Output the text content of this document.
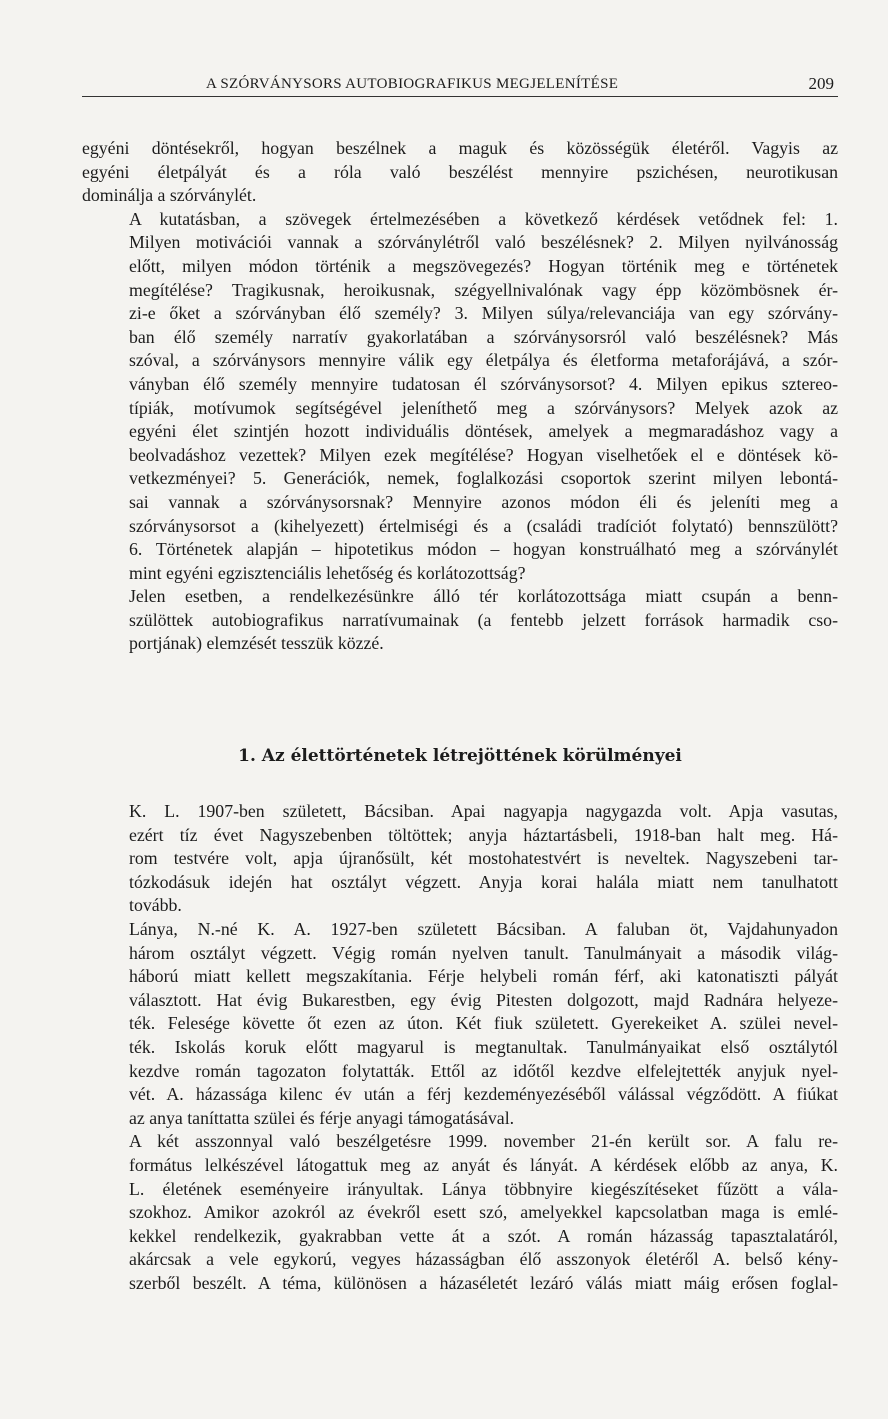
A SZÓRVÁNYSORS AUTOBIOGRAFIKUS MEGJELENÍTÉSE	209
egyéni döntésekről, hogyan beszélnek a maguk és közösségük életéről. Vagyis az
egyéni életpályát és a róla való beszélést mennyire pszichésen, neurotikusan
dominálja a szórványlét.
A kutatásban, a szövegek értelmezésében a következő kérdések vetődnek fel: 1.
Milyen motivációi vannak a szórványlétről való beszélésnek? 2. Milyen nyilvánosság
előtt, milyen módon történik a megszövegezés? Hogyan történik meg e történetek
megítélése? Tragikusnak, heroikusnak, szégyellnivalónak vagy épp közömbösnek ér-
zi-e őket a szórványban élő személy? 3. Milyen súlya/relevanciája van egy szórvány-
ban élő személy narratív gyakorlatában a szórványsorsról való beszélésnek? Más
szóval, a szórványsors mennyire válik egy életpálya és életforma metaforájává, a szór-
ványban élő személy mennyire tudatosan él szórványsorsot? 4. Milyen epikus sztereo-
típiák, motívumok segítségével jeleníthető meg a szórványsors? Melyek azok az
egyéni élet szintjén hozott individuális döntések, amelyek a megmaradáshoz vagy a
beolvadáshoz vezettek? Milyen ezek megítélése? Hogyan viselhetőek el e döntések kö-
vetkezményei? 5. Generációk, nemek, foglalkozási csoportok szerint milyen lebontá-
sai vannak a szórványsorsnak? Mennyire azonos módon éli és jeleníti meg a
szórványsorsot a (kihelyezett) értelmiségi és a (családi tradíciót folytató) bennszülött?
6. Történetek alapján – hipotetikus módon – hogyan konstruálható meg a szórványlét
mint egyéni egzisztenciális lehetőség és korlátozottság?
Jelen esetben, a rendelkezésünkre álló tér korlátozottsága miatt csupán a benn-
szülöttek autobiografikus narratívumainak (a fentebb jelzett források harmadik cso-
portjának) elemzését tesszük közzé.
1. Az élettörténetek létrejöttének körülményei
K. L. 1907-ben született, Bácsiban. Apai nagyapja nagygazda volt. Apja vasutas,
ezért tíz évet Nagyszebenben töltöttek; anyja háztartásbeli, 1918-ban halt meg. Há-
rom testvére volt, apja újranősült, két mostohatestvért is neveltek. Nagyszebeni tar-
tózkodásuk idején hat osztályt végzett. Anyja korai halála miatt nem tanulhatott
tovább.
Lánya, N.-né K. A. 1927-ben született Bácsiban. A faluban öt, Vajdahunyadon
három osztályt végzett. Végig román nyelven tanult. Tanulmányait a második világ-
háború miatt kellett megszakítania. Férje helybeli román férf, aki katonatiszti pályát
választott. Hat évig Bukarestben, egy évig Pitesten dolgozott, majd Radnára helyeze-
ték. Felesége követte őt ezen az úton. Két fiuk született. Gyerekeiket A. szülei nevel-
ték. Iskolás koruk előtt magyarul is megtanultak. Tanulmányaikat első osztálytól
kezdve román tagozaton folytatták. Ettől az időtől kezdve elfelejtették anyjuk nyel-
vét. A. házassága kilenc év után a férj kezdeményezéséből válással végződött. A fiúkat
az anya taníttatta szülei és férje anyagi támogatásával.
A két asszonnyal való beszélgetésre 1999. november 21-én került sor. A falu re-
formátus lelkészével látogattuk meg az anyát és lányát. A kérdések előbb az anya, K.
L. életének eseményeire irányultak. Lánya többnyire kiegészítéseket fűzött a vála-
szokhoz. Amikor azokról az évekről esett szó, amelyekkel kapcsolatban maga is emlé-
kekkel rendelkezik, gyakrabban vette át a szót. A román házasság tapasztalatáról,
akárcsak a vele egykorú, vegyes házasságban élő asszonyok életéről A. belső kény-
szerből beszélt. A téma, különösen a házaséletét lezáró válás miatt máig erősen foglal-
